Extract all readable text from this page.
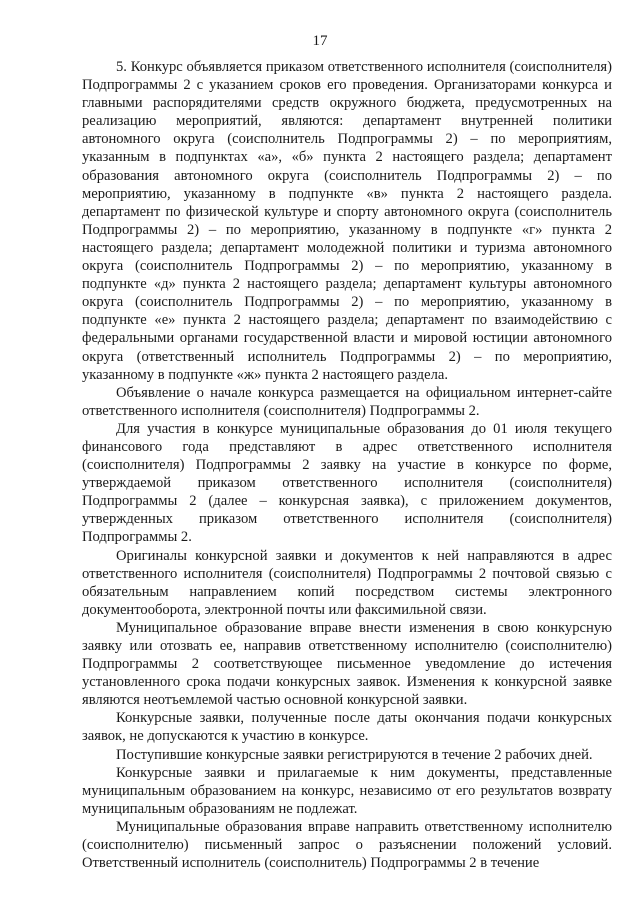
17

5. Конкурс объявляется приказом ответственного исполнителя (соисполнителя) Подпрограммы 2 с указанием сроков его проведения. Организаторами конкурса и главными распорядителями средств окружного бюджета, предусмотренных на реализацию мероприятий, являются: департамент внутренней политики автономного округа (соисполнитель Подпрограммы 2) – по мероприятиям, указанным в подпунктах «а», «б» пункта 2 настоящего раздела; департамент образования автономного округа (соисполнитель Подпрограммы 2) – по мероприятию, указанному в подпункте «в» пункта 2 настоящего раздела. департамент по физической культуре и спорту автономного округа (соисполнитель Подпрограммы 2) – по мероприятию, указанному в подпункте «г» пункта 2 настоящего раздела; департамент молодежной политики и туризма автономного округа (соисполнитель Подпрограммы 2) – по мероприятию, указанному в подпункте «д» пункта 2 настоящего раздела; департамент культуры автономного округа (соисполнитель Подпрограммы 2) – по мероприятию, указанному в подпункте «е» пункта 2 настоящего раздела; департамент по взаимодействию с федеральными органами государственной власти и мировой юстиции автономного округа (ответственный исполнитель Подпрограммы 2) – по мероприятию, указанному в подпункте «ж» пункта 2 настоящего раздела.

Объявление о начале конкурса размещается на официальном интернет-сайте ответственного исполнителя (соисполнителя) Подпрограммы 2.

Для участия в конкурсе муниципальные образования до 01 июля текущего финансового года представляют в адрес ответственного исполнителя (соисполнителя) Подпрограммы 2 заявку на участие в конкурсе по форме, утверждаемой приказом ответственного исполнителя (соисполнителя) Подпрограммы 2 (далее – конкурсная заявка), с приложением документов, утвержденных приказом ответственного исполнителя (соисполнителя) Подпрограммы 2.

Оригиналы конкурсной заявки и документов к ней направляются в адрес ответственного исполнителя (соисполнителя) Подпрограммы 2 почтовой связью с обязательным направлением копий посредством системы электронного документооборота, электронной почты или факсимильной связи.

Муниципальное образование вправе внести изменения в свою конкурсную заявку или отозвать ее, направив ответственному исполнителю (соисполнителю) Подпрограммы 2 соответствующее письменное уведомление до истечения установленного срока подачи конкурсных заявок. Изменения к конкурсной заявке являются неотъемлемой частью основной конкурсной заявки.

Конкурсные заявки, полученные после даты окончания подачи конкурсных заявок, не допускаются к участию в конкурсе.

Поступившие конкурсные заявки регистрируются в течение 2 рабочих дней.

Конкурсные заявки и прилагаемые к ним документы, представленные муниципальным образованием на конкурс, независимо от его результатов возврату муниципальным образованиям не подлежат.

Муниципальные образования вправе направить ответственному исполнителю (соисполнителю) письменный запрос о разъяснении положений условий. Ответственный исполнитель (соисполнитель) Подпрограммы 2 в течение
